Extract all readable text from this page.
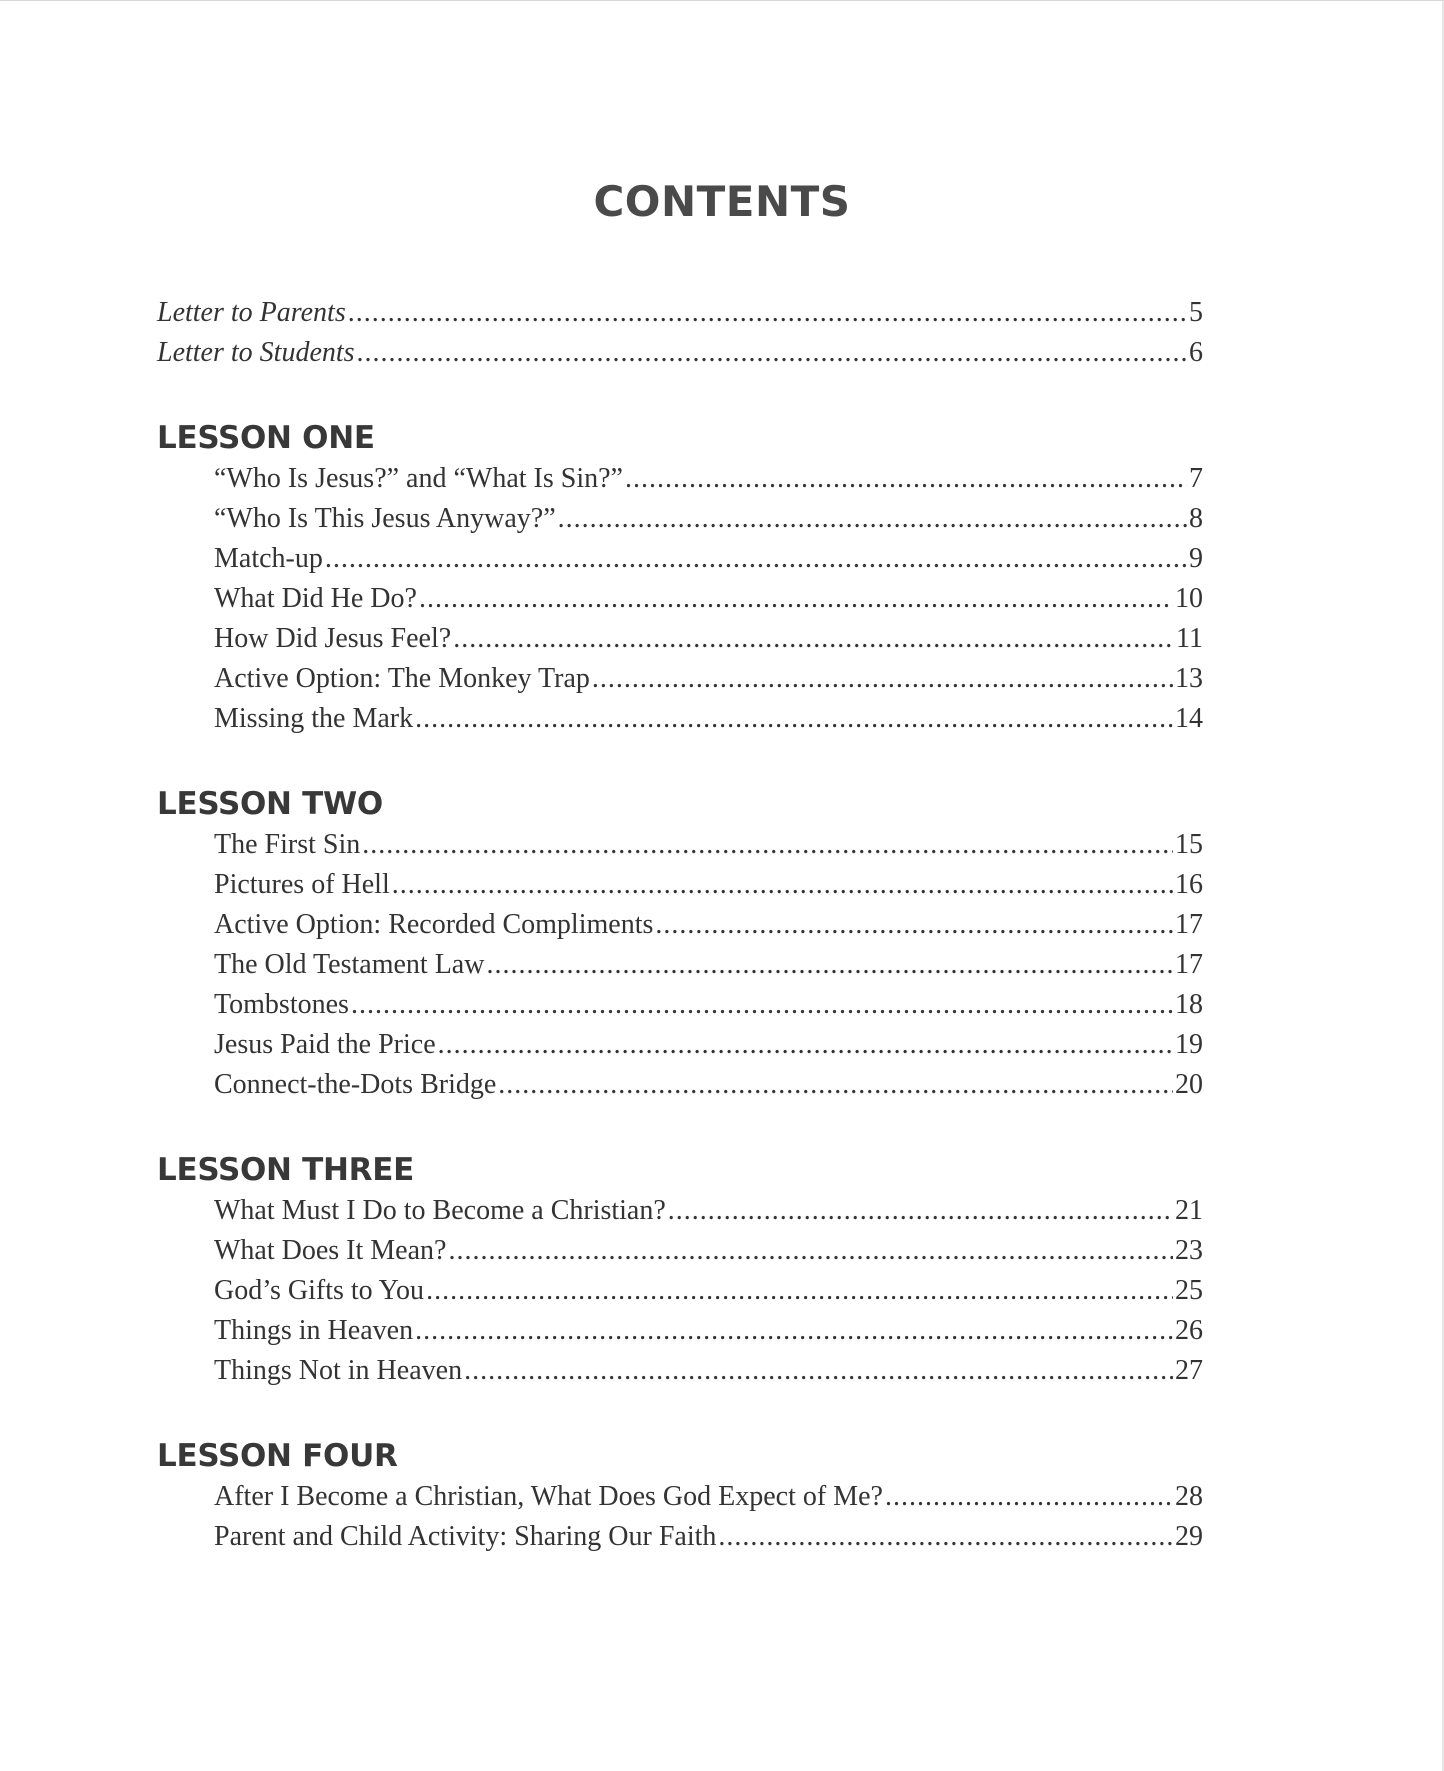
CONTENTS
Letter to Parents .....	5
Letter to Students .....	6
LESSON ONE
“Who Is Jesus?” and “What Is Sin?” .....	7
“Who Is This Jesus Anyway?” .....	8
Match-up .....	9
What Did He Do? .....	10
How Did Jesus Feel? .....	11
Active Option: The Monkey Trap .....	13
Missing the Mark .....	14
LESSON TWO
The First Sin .....	15
Pictures of Hell .....	16
Active Option: Recorded Compliments .....	17
The Old Testament Law .....	17
Tombstones .....	18
Jesus Paid the Price .....	19
Connect-the-Dots Bridge .....	20
LESSON THREE
What Must I Do to Become a Christian? .....	21
What Does It Mean? .....	23
God’s Gifts to You .....	25
Things in Heaven .....	26
Things Not in Heaven .....	27
LESSON FOUR
After I Become a Christian, What Does God Expect of Me? .....	28
Parent and Child Activity: Sharing Our Faith .....	29
